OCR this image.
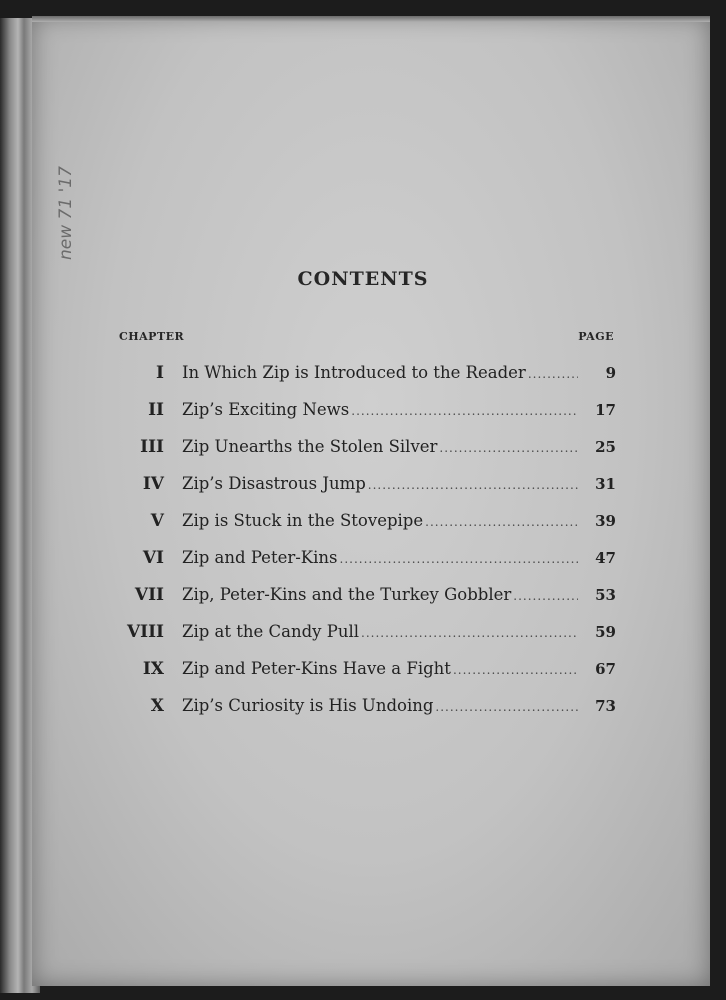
new 71 '17
CONTENTS
CHAPTER	PAGE
I In Which Zip is Introduced to the Reader .....	9
II Zip’s Exciting News .....	17
III Zip Unearths the Stolen Silver .....	25
IV Zip’s Disastrous Jump .....	31
V Zip is Stuck in the Stovepipe .....	39
VI Zip and Peter-Kins .....	47
VII Zip, Peter-Kins and the Turkey Gobbler .....	53
VIII Zip at the Candy Pull .....	59
IX Zip and Peter-Kins Have a Fight .....	67
X Zip’s Curiosity is His Undoing .....	73
